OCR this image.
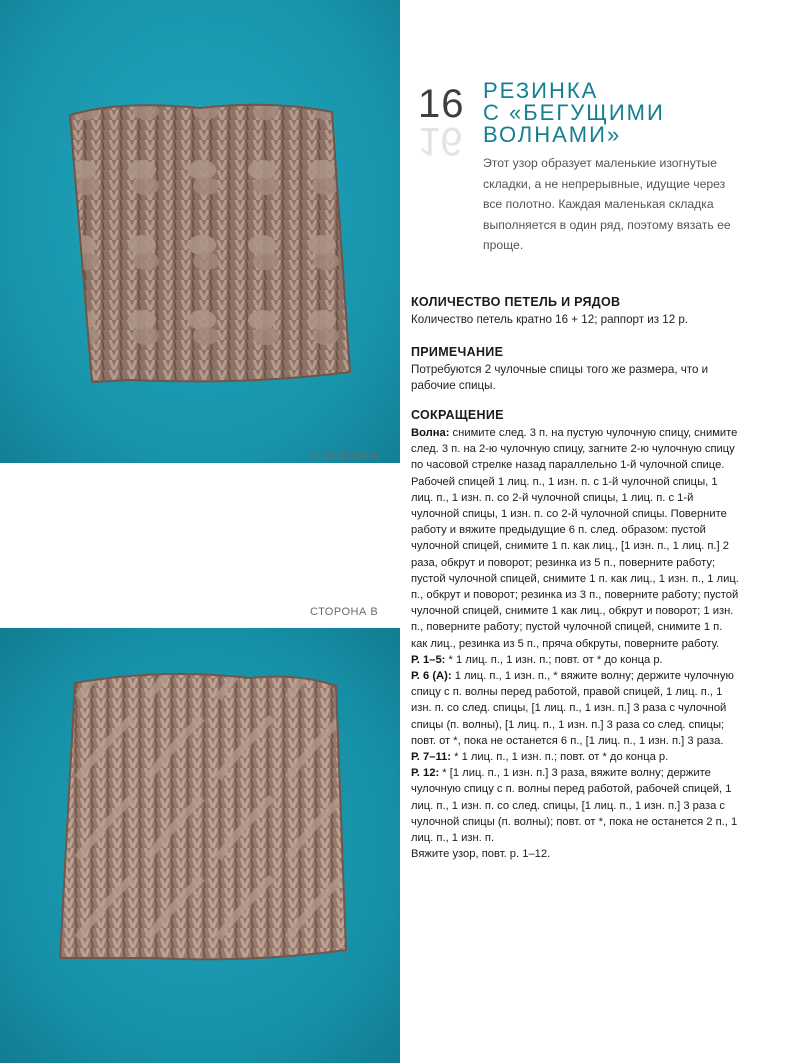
СТОРОНА А
СТОРОНА В
16
16
РЕЗИНКА
С «БЕГУЩИМИ
ВОЛНАМИ»
Этот узор образует маленькие изогнутые складки, а не непрерывные, идущие через все полотно. Каждая маленькая складка выполняется в один ряд, поэтому вязать ее проще.
КОЛИЧЕСТВО ПЕТЕЛЬ И РЯДОВ
Количество петель кратно 16 + 12; раппорт из 12 р.
ПРИМЕЧАНИЕ
Потребуются 2 чулочные спицы того же размера, что и рабочие спицы.
СОКРАЩЕНИЕ

Волна: снимите след. 3 п. на пустую чулочную спицу, снимите след. 3 п. на 2-ю чулочную спицу, загните 2-ю чулочную спицу по часовой стрелке назад параллельно 1-й чулочной спице. Рабочей спицей 1 лиц. п., 1 изн. п. с 1-й чулочной спицы, 1 лиц. п., 1 изн. п. со 2-й чулочной спицы, 1 лиц. п. с 1-й чулочной спицы, 1 изн. п. со 2-й чулочной спицы. Поверните работу и вяжите предыдущие 6 п. след. образом: пустой чулочной спицей, снимите 1 п. как лиц., [1 изн. п., 1 лиц. п.] 2 раза, обкрут и поворот; резинка из 5 п., поверните работу; пустой чулочной спицей, снимите 1 п. как лиц., 1 изн. п., 1 лиц. п., обкрут и поворот; резинка из 3 п., поверните работу; пустой чулочной спицей, снимите 1 как лиц., обкрут и поворот; 1 изн. п., поверните работу; пустой чулочной спицей, снимите 1 п. как лиц., резинка из 5 п., пряча обкруты, поверните работу.

Р. 1–5: * 1 лиц. п., 1 изн. п.; повт. от * до конца р.

Р. 6 (А): 1 лиц. п., 1 изн. п., * вяжите волну; держите чулочную спицу с п. волны перед работой, правой спицей, 1 лиц. п., 1 изн. п. со след. спицы, [1 лиц. п., 1 изн. п.] 3 раза с чулочной спицы (п. волны), [1 лиц. п., 1 изн. п.] 3 раза со след. спицы; повт. от *, пока не останется 6 п., [1 лиц. п., 1 изн. п.] 3 раза.

Р. 7–11: * 1 лиц. п., 1 изн. п.; повт. от * до конца р.

Р. 12: * [1 лиц. п., 1 изн. п.] 3 раза, вяжите волну; держите чулочную спицу с п. волны перед работой, рабочей спицей, 1 лиц. п., 1 изн. п. со след. спицы, [1 лиц. п., 1 изн. п.] 3 раза с чулочной спицы (п. волны); повт. от *, пока не останется 2 п., 1 лиц. п., 1 изн. п.

Вяжите узор, повт. р. 1–12.
